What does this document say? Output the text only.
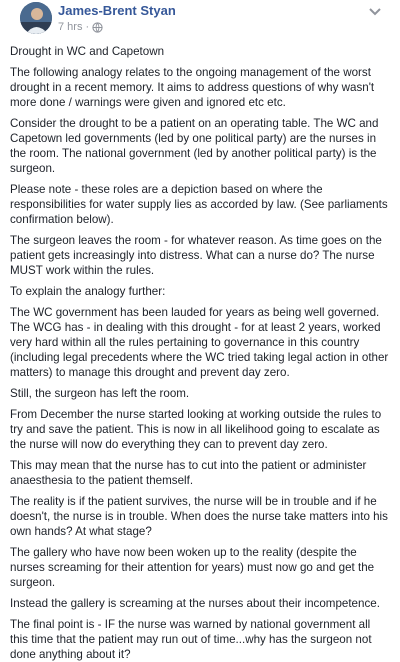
James-Brent Styan
7 hrs ·

Drought in WC and Capetown

The following analogy relates to the ongoing management of the worst drought in a recent memory. It aims to address questions of why wasn't more done / warnings were given and ignored etc etc.

Consider the drought to be a patient on an operating table. The WC and Capetown led governments (led by one political party) are the nurses in the room. The national government (led by another political party) is the surgeon.

Please note - these roles are a depiction based on where the responsibilities for water supply lies as accorded by law. (See parliaments confirmation below).

The surgeon leaves the room - for whatever reason. As time goes on the patient gets increasingly into distress. What can a nurse do? The nurse MUST work within the rules.

To explain the analogy further:

The WC government has been lauded for years as being well governed. The WCG has - in dealing with this drought - for at least 2 years, worked very hard within all the rules pertaining to governance in this country (including legal precedents where the WC tried taking legal action in other matters) to manage this drought and prevent day zero.

Still, the surgeon has left the room.

From December the nurse started looking at working outside the rules to try and save the patient. This is now in all likelihood going to escalate as the nurse will now do everything they can to prevent day zero.

This may mean that the nurse has to cut into the patient or administer anaesthesia to the patient themself.

The reality is if the patient survives, the nurse will be in trouble and if he doesn't, the nurse is in trouble. When does the nurse take matters into his own hands? At what stage?

The gallery who have now been woken up to the reality (despite the nurses screaming for their attention for years) must now go and get the surgeon.

Instead the gallery is screaming at the nurses about their incompetence.

The final point is - IF the nurse was warned by national government all this time that the patient may run out of time...why has the surgeon not done anything about it?
